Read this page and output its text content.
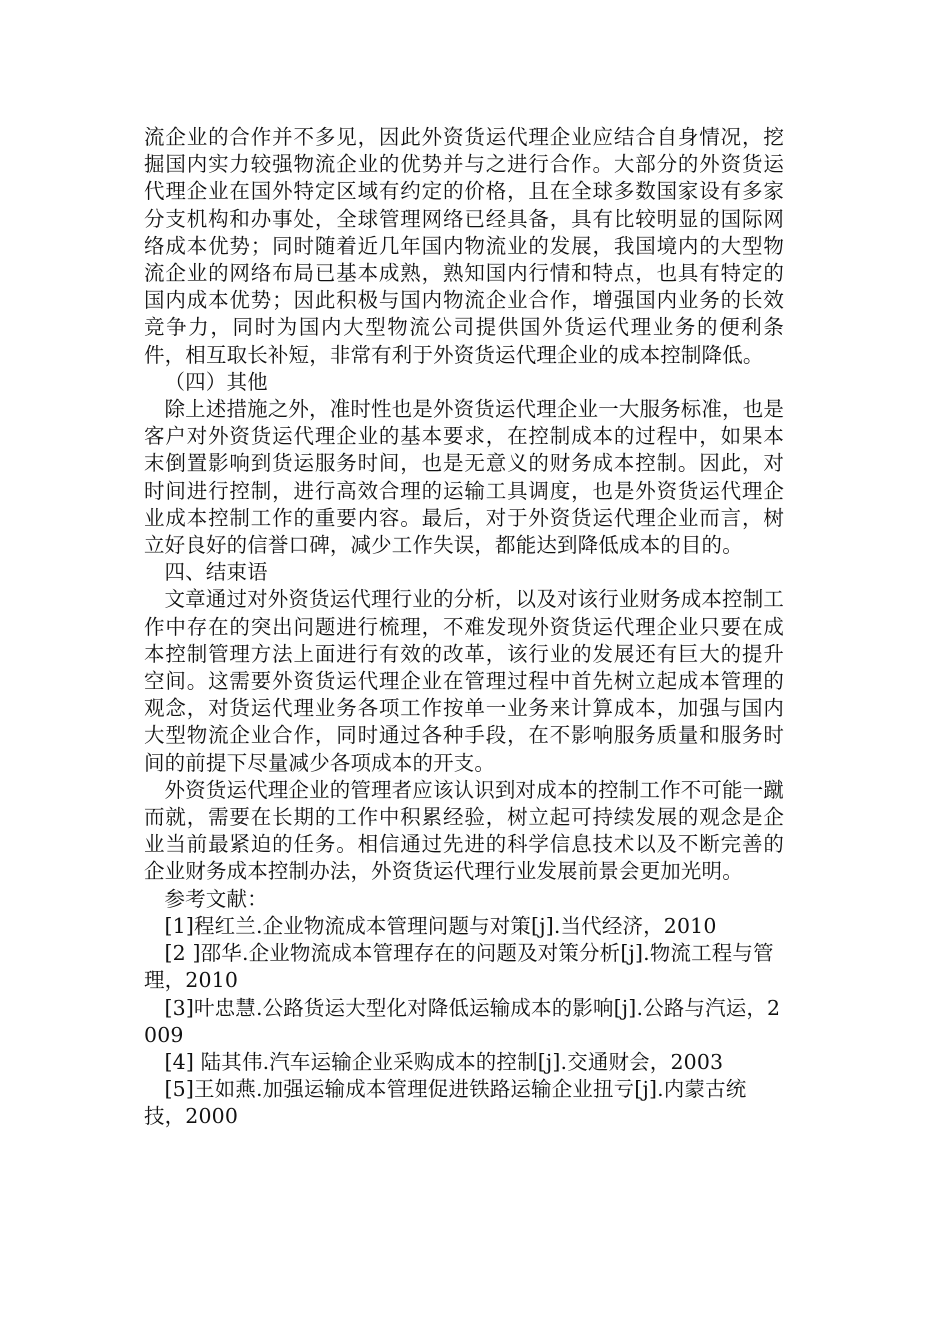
流企业的合作并不多见，因此外资货运代理企业应结合自身情况，挖掘国内实力较强物流企业的优势并与之进行合作。大部分的外资货运代理企业在国外特定区域有约定的价格，且在全球多数国家设有多家分支机构和办事处，全球管理网络已经具备，具有比较明显的国际网络成本优势；同时随着近几年国内物流业的发展，我国境内的大型物流企业的网络布局已基本成熟，熟知国内行情和特点，也具有特定的国内成本优势；因此积极与国内物流企业合作，增强国内业务的长效竞争力，同时为国内大型物流公司提供国外货运代理业务的便利条件，相互取长补短，非常有利于外资货运代理企业的成本控制降低。

（四）其他

除上述措施之外，准时性也是外资货运代理企业一大服务标准，也是客户对外资货运代理企业的基本要求，在控制成本的过程中，如果本末倒置影响到货运服务时间，也是无意义的财务成本控制。因此，对时间进行控制，进行高效合理的运输工具调度，也是外资货运代理企业成本控制工作的重要内容。最后，对于外资货运代理企业而言，树立好良好的信誉口碑，减少工作失误，都能达到降低成本的目的。

四、结束语

文章通过对外资货运代理行业的分析，以及对该行业财务成本控制工作中存在的突出问题进行梳理，不难发现外资货运代理企业只要在成本控制管理方法上面进行有效的改革，该行业的发展还有巨大的提升空间。这需要外资货运代理企业在管理过程中首先树立起成本管理的观念，对货运代理业务各项工作按单一业务来计算成本，加强与国内大型物流企业合作，同时通过各种手段，在不影响服务质量和服务时间的前提下尽量减少各项成本的开支。

外资货运代理企业的管理者应该认识到对成本的控制工作不可能一蹴而就，需要在长期的工作中积累经验，树立起可持续发展的观念是企业当前最紧迫的任务。相信通过先进的科学信息技术以及不断完善的企业财务成本控制办法，外资货运代理行业发展前景会更加光明。

参考文献：

[1]程红兰.企业物流成本管理问题与对策[j].当代经济，2010

[2 ]邵华.企业物流成本管理存在的问题及对策分析[j].物流工程与管理，2010

[3]叶忠慧.公路货运大型化对降低运输成本的影响[j].公路与汽运，2009

[4] 陆其伟.汽车运输企业采购成本的控制[j].交通财会，2003

[5]王如燕.加强运输成本管理促进铁路运输企业扭亏[j].内蒙古统技，2000
